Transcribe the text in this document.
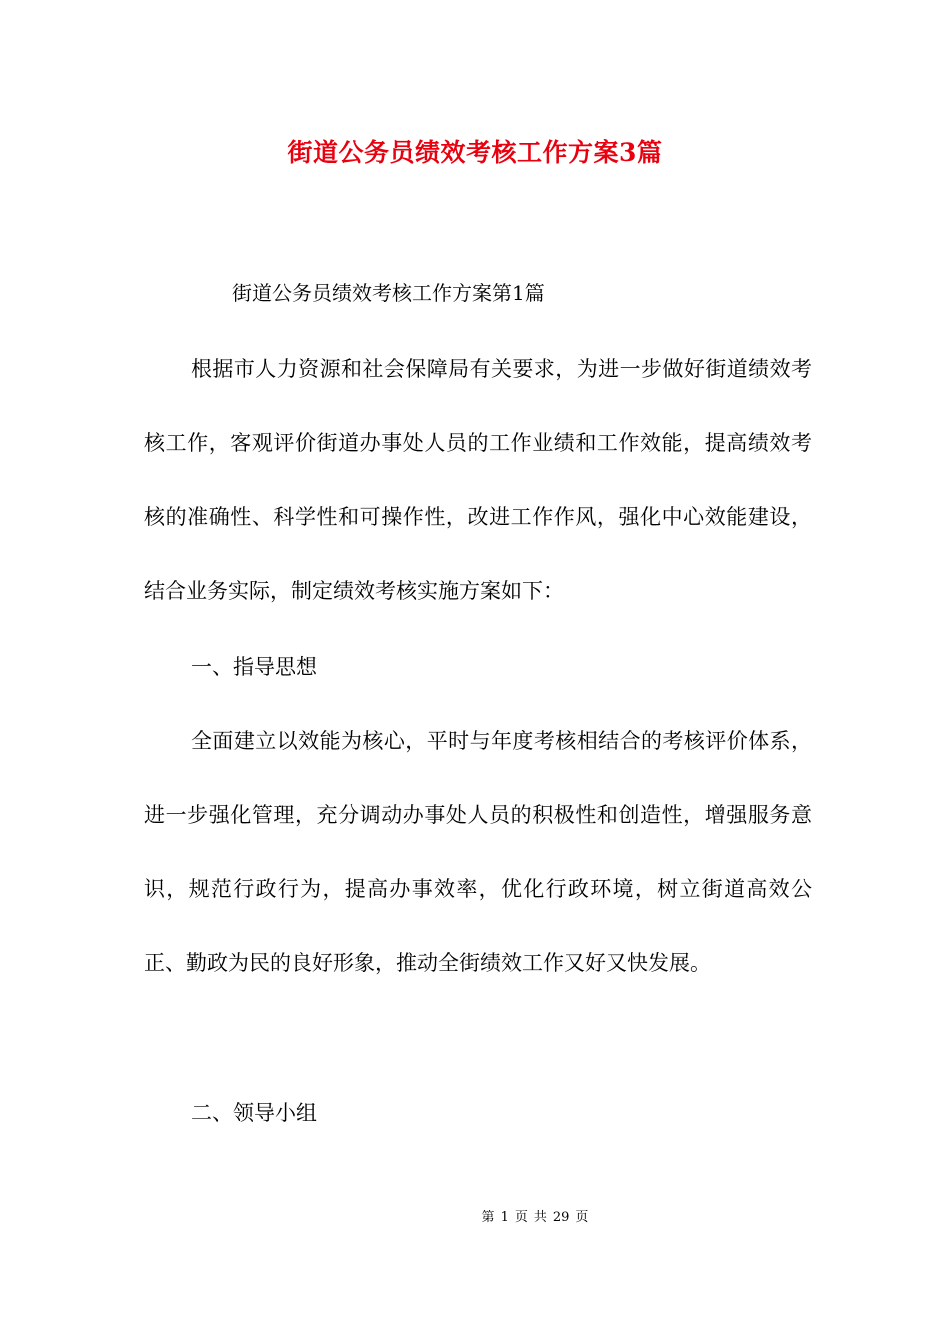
街道公务员绩效考核工作方案3篇

街道公务员绩效考核工作方案第1篇

根据市人力资源和社会保障局有关要求，为进一步做好街道绩效考核工作，客观评价街道办事处人员的工作业绩和工作效能，提高绩效考核的准确性、科学性和可操作性，改进工作作风，强化中心效能建设，结合业务实际，制定绩效考核实施方案如下：

一、指导思想

全面建立以效能为核心，平时与年度考核相结合的考核评价体系，进一步强化管理，充分调动办事处人员的积极性和创造性，增强服务意识，规范行政行为，提高办事效率，优化行政环境，树立街道高效公正、勤政为民的良好形象，推动全街绩效工作又好又快发展。

二、领导小组

第 1 页 共 29 页
